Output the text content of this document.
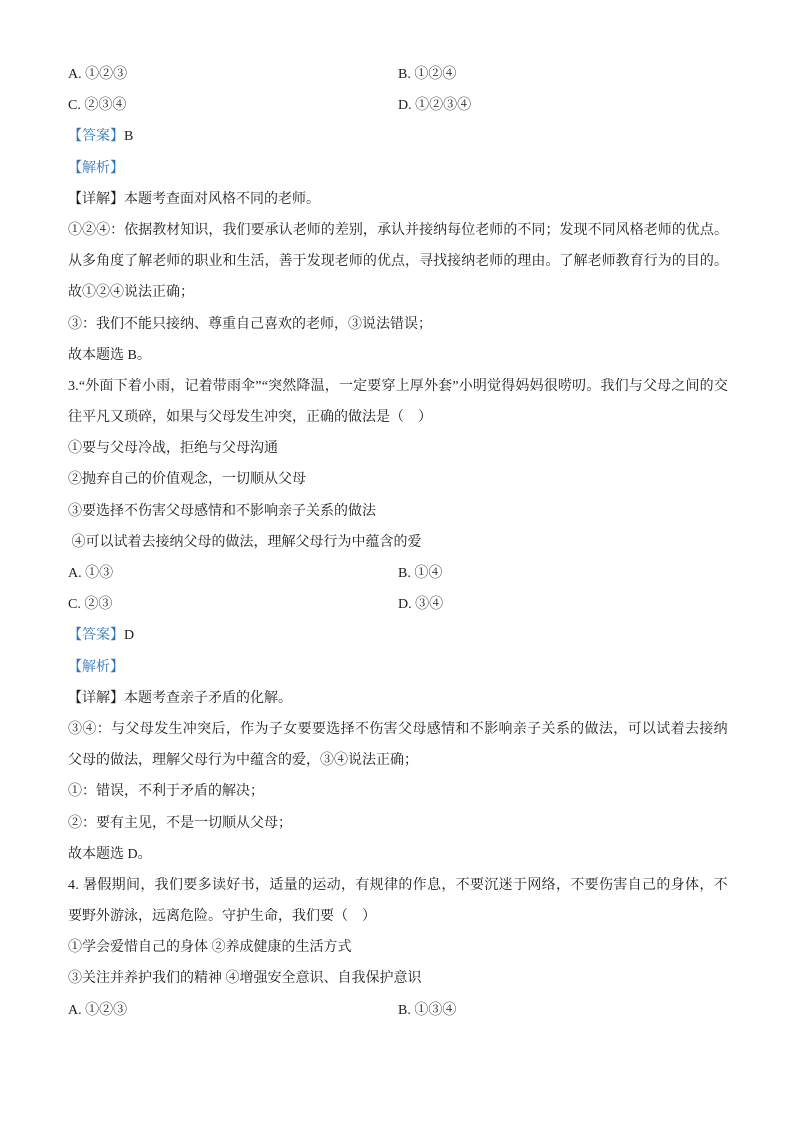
A. ①②③	B. ①②④
C. ②③④	D. ①②③④
【答案】B
【解析】
【详解】本题考查面对风格不同的老师。
①②④：依据教材知识，我们要承认老师的差别，承认并接纳每位老师的不同；发现不同风格老师的优点。
从多角度了解老师的职业和生活，善于发现老师的优点，寻找接纳老师的理由。了解老师教育行为的目的。
故①②④说法正确；
③：我们不能只接纳、尊重自己喜欢的老师，③说法错误；
故本题选 B。
3.“外面下着小雨，记着带雨伞”“突然降温，一定要穿上厚外套”小明觉得妈妈很唠叨。我们与父母之间的交
往平凡又琐碎，如果与父母发生冲突，正确的做法是（　）
①要与父母冷战，拒绝与父母沟通
②抛弃自己的价值观念，一切顺从父母
③要选择不伤害父母感情和不影响亲子关系的做法
④可以试着去接纳父母的做法，理解父母行为中蕴含的爱
A. ①③	B. ①④
C. ②③	D. ③④
【答案】D
【解析】
【详解】本题考查亲子矛盾的化解。
③④：与父母发生冲突后，作为子女要要选择不伤害父母感情和不影响亲子关系的做法，可以试着去接纳
父母的做法，理解父母行为中蕴含的爱，③④说法正确；
①：错误，不利于矛盾的解决；
②：要有主见，不是一切顺从父母；
故本题选 D。
4. 暑假期间，我们要多读好书，适量的运动，有规律的作息，不要沉迷于网络，不要伤害自己的身体，不
要野外游泳，远离危险。守护生命，我们要（　）
①学会爱惜自己的身体 ②养成健康的生活方式
③关注并养护我们的精神 ④增强安全意识、自我保护意识
A. ①②③	B. ①③④
